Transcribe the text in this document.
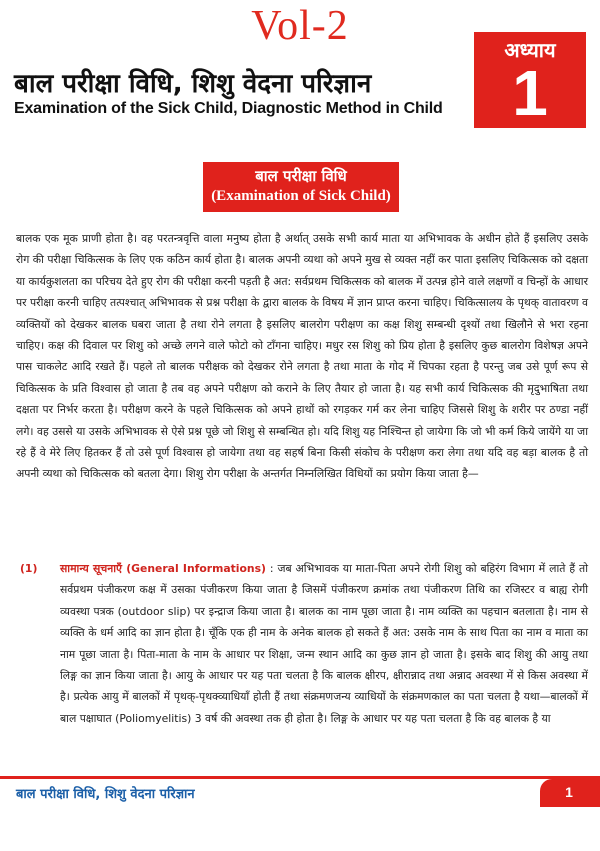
Vol-2
अध्याय
1
बाल परीक्षा विधि, शिशु वेदना परिज्ञान
Examination of the Sick Child, Diagnostic Method in Child
बाल परीक्षा विधि
(Examination of Sick Child)
बालक एक मूक प्राणी होता है। वह परतन्त्रवृत्ति वाला मनुष्य होता है अर्थात् उसके सभी कार्य माता या अभिभावक के अधीन होते हैं इसलिए उसके रोग की परीक्षा चिकित्सक के लिए एक कठिन कार्य होता है। बालक अपनी व्यथा को अपने मुख से व्यक्त नहीं कर पाता इसलिए चिकित्सक को दक्षता या कार्यकुशलता का परिचय देते हुए रोग की परीक्षा करनी पड़ती है अत: सर्वप्रथम चिकित्सक को बालक में उत्पन्न होने वाले लक्षणों व चिन्हों के आधार पर परीक्षा करनी चाहिए तत्पश्चात् अभिभावक से प्रश्न परीक्षा के द्वारा बालक के विषय में ज्ञान प्राप्त करना चाहिए। चिकित्सालय के पृथक् वातावरण व व्यक्तियों को देखकर बालक घबरा जाता है तथा रोने लगता है इसलिए बालरोग परीक्षण का कक्ष शिशु सम्बन्धी दृश्यों तथा खिलौने से भरा रहना चाहिए। कक्ष की दिवाल पर शिशु को अच्छे लगने वाले फोटो को टाँगना चाहिए। मधुर रस शिशु को प्रिय होता है इसलिए कुछ बालरोग विशेषज्ञ अपने पास चाकलेट आदि रखते हैं। पहले तो बालक परीक्षक को देखकर रोने लगता है तथा माता के गोद में चिपका रहता है परन्तु जब उसे पूर्ण रूप से चिकित्सक के प्रति विश्वास हो जाता है तब वह अपने परीक्षण को कराने के लिए तैयार हो जाता है। यह सभी कार्य चिकित्सक की मृदुभाषिता तथा दक्षता पर निर्भर करता है। परीक्षण करने के पहले चिकित्सक को अपने हाथों को रगड़कर गर्म कर लेना चाहिए जिससे शिशु के शरीर पर ठण्डा नहीं लगे। वह उससे या उसके अभिभावक से ऐसे प्रश्न पूछे जो शिशु से सम्बन्धित हो। यदि शिशु यह निश्चिन्त हो जायेगा कि जो भी कर्म किये जायेंगे या जा रहे हैं वे मेरे लिए हितकर हैं तो उसे पूर्ण विश्वास हो जायेगा तथा वह सहर्ष बिना किसी संकोच के परीक्षण करा लेगा तथा यदि वह बड़ा बालक है तो अपनी व्यथा को चिकित्सक को बतला देगा। शिशु रोग परीक्षा के अन्तर्गत निम्नलिखित विधियों का प्रयोग किया जाता है—
(1) सामान्य सूचनाएँ (General Informations) : जब अभिभावक या माता-पिता अपने रोगी शिशु को बहिरंग विभाग में लाते हैं तो सर्वप्रथम पंजीकरण कक्ष में उसका पंजीकरण किया जाता है जिसमें पंजीकरण क्रमांक तथा पंजीकरण तिथि का रजिस्टर व बाह्य रोगी व्यवस्था पत्रक (outdoor slip) पर इन्द्राज किया जाता है। बालक का नाम पूछा जाता है। नाम व्यक्ति का पहचान बतलाता है। नाम से व्यक्ति के धर्म आदि का ज्ञान होता है। चूँकि एक ही नाम के अनेक बालक हो सकते हैं अत: उसके नाम के साथ पिता का नाम व माता का नाम पूछा जाता है। पिता-माता के नाम के आधार पर शिक्षा, जन्म स्थान आदि का कुछ ज्ञान हो जाता है। इसके बाद शिशु की आयु तथा लिङ्ग का ज्ञान किया जाता है। आयु के आधार पर यह पता चलता है कि बालक क्षीरप, क्षीरान्नाद तथा अन्नाद अवस्था में से किस अवस्था में है। प्रत्येक आयु में बालकों में पृथक्-पृथक्व्याधियाँ होती हैं तथा संक्रमणजन्य व्याधियों के संक्रमणकाल का पता चलता है यथा—बालकों में बाल पक्षाघात (Poliomyelitis) 3 वर्ष की अवस्था तक ही होता है। लिङ्ग के आधार पर यह पता चलता है कि वह बालक है या
बाल परीक्षा विधि, शिशु वेदना परिज्ञान	1
